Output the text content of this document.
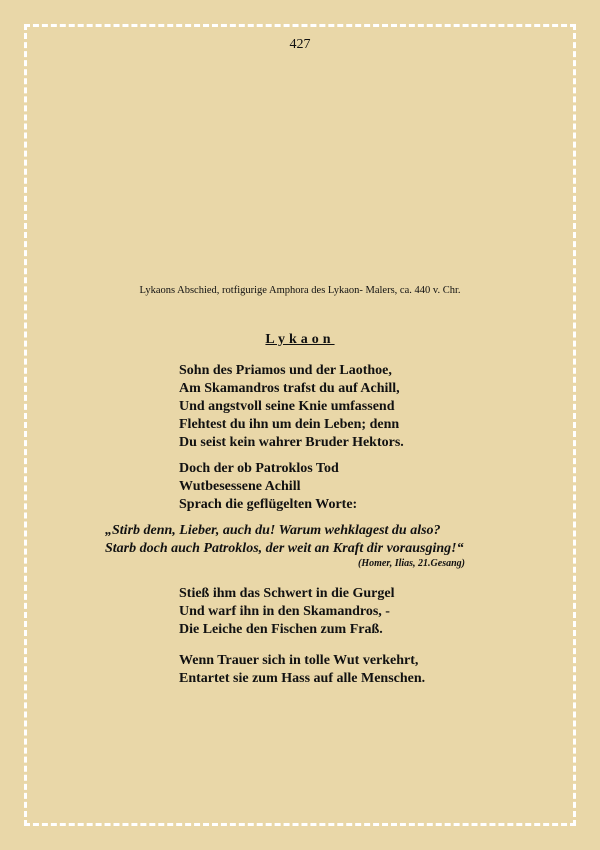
427
Lykaons Abschied, rotfigurige Amphora des Lykaon- Malers, ca. 440 v. Chr.
Lykaon
Sohn des Priamos und der Laothoe,
Am Skamandros trafst du auf Achill,
Und angstvoll seine Knie umfassend
Flehtest du ihn um dein Leben; denn
Du seist kein wahrer Bruder Hektors.
Doch der ob Patroklos Tod
Wutbesessene Achill
Sprach die geflügelten Worte:
„Stirb denn, Lieber, auch du! Warum wehklagest du also?
Starb doch auch Patroklos, der weit an Kraft dir vorausging!“
(Homer, Ilias, 21.Gesang)
Stieß ihm das Schwert in die Gurgel
Und warf ihn in den Skamandros, -
Die Leiche den Fischen zum Fraß.
Wenn Trauer sich in tolle Wut verkehrt,
Entartet sie zum Hass auf alle Menschen.
